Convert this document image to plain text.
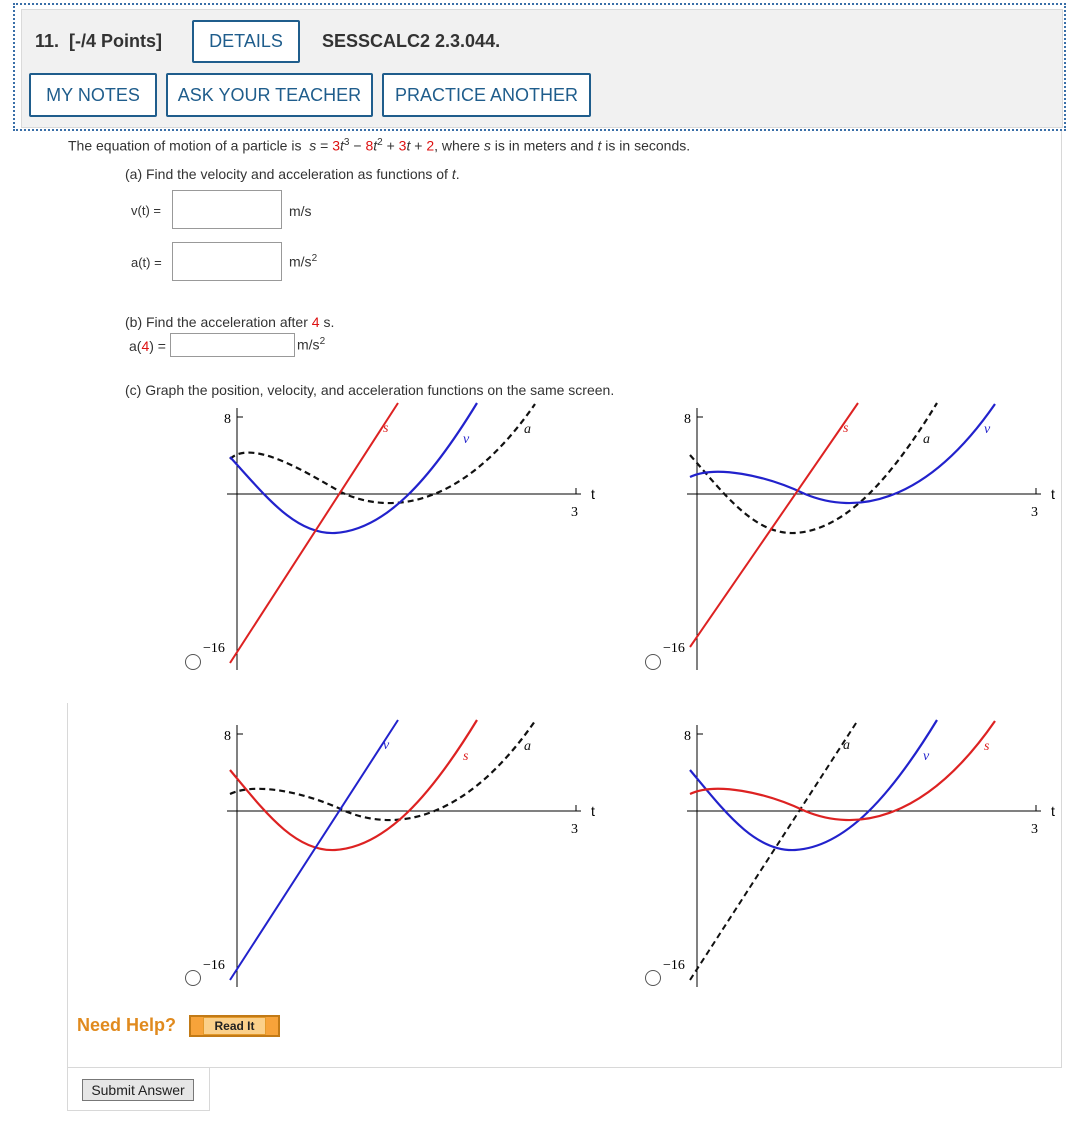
11. [-/4 Points]	DETAILS	SESSCALC2 2.3.044.
MY NOTES	ASK YOUR TEACHER	PRACTICE ANOTHER
The equation of motion of a particle is $s = 3t^3 - 8t^2 + 3t + 2$, where s is in meters and t is in seconds.
(a) Find the velocity and acceleration as functions of t.
v(t) =	m/s
a(t) =	$m/s^2$
(b) Find the acceleration after 4 s.
a(4) =	$m/s^2$
(c) Graph the position, velocity, and acceleration functions on the same screen.
8
−16
3
t
s
v
a
8
−16
3
t
s
a
v
8
−16
3
t
v
s
a
8
−16
3
t
a
v
s
Need Help?	Read It
Submit Answer
